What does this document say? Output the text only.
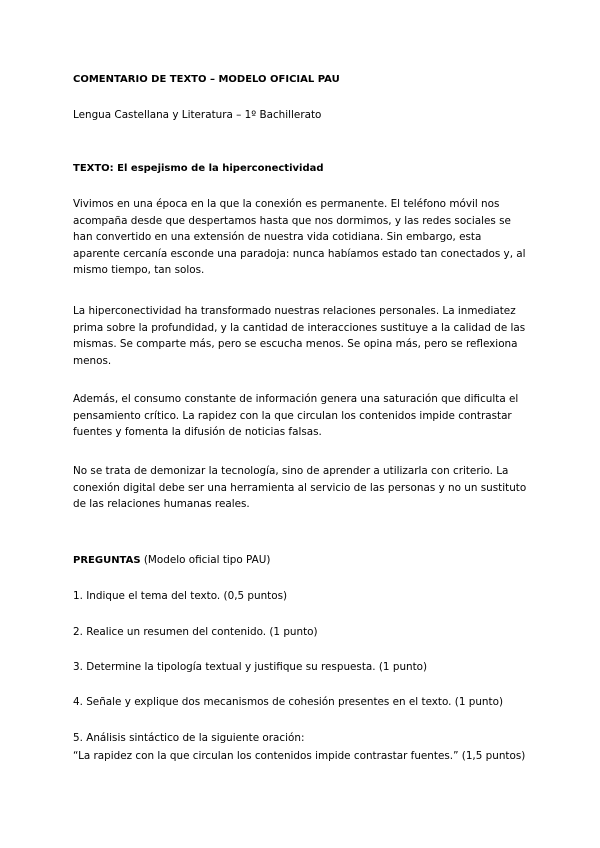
COMENTARIO DE TEXTO – MODELO OFICIAL PAU

Lengua Castellana y Literatura – 1º Bachillerato

TEXTO: El espejismo de la hiperconectividad

Vivimos en una época en la que la conexión es permanente. El teléfono móvil nos acompaña desde que despertamos hasta que nos dormimos, y las redes sociales se han convertido en una extensión de nuestra vida cotidiana. Sin embargo, esta aparente cercanía esconde una paradoja: nunca habíamos estado tan conectados y, al mismo tiempo, tan solos.

La hiperconectividad ha transformado nuestras relaciones personales. La inmediatez prima sobre la profundidad, y la cantidad de interacciones sustituye a la calidad de las mismas. Se comparte más, pero se escucha menos. Se opina más, pero se reflexiona menos.

Además, el consumo constante de información genera una saturación que dificulta el pensamiento crítico. La rapidez con la que circulan los contenidos impide contrastar fuentes y fomenta la difusión de noticias falsas.

No se trata de demonizar la tecnología, sino de aprender a utilizarla con criterio. La conexión digital debe ser una herramienta al servicio de las personas y no un sustituto de las relaciones humanas reales.

PREGUNTAS (Modelo oficial tipo PAU)

1. Indique el tema del texto. (0,5 puntos)

2. Realice un resumen del contenido. (1 punto)

3. Determine la tipología textual y justifique su respuesta. (1 punto)

4. Señale y explique dos mecanismos de cohesión presentes en el texto. (1 punto)

5. Análisis sintáctico de la siguiente oración:

“La rapidez con la que circulan los contenidos impide contrastar fuentes.” (1,5 puntos)
